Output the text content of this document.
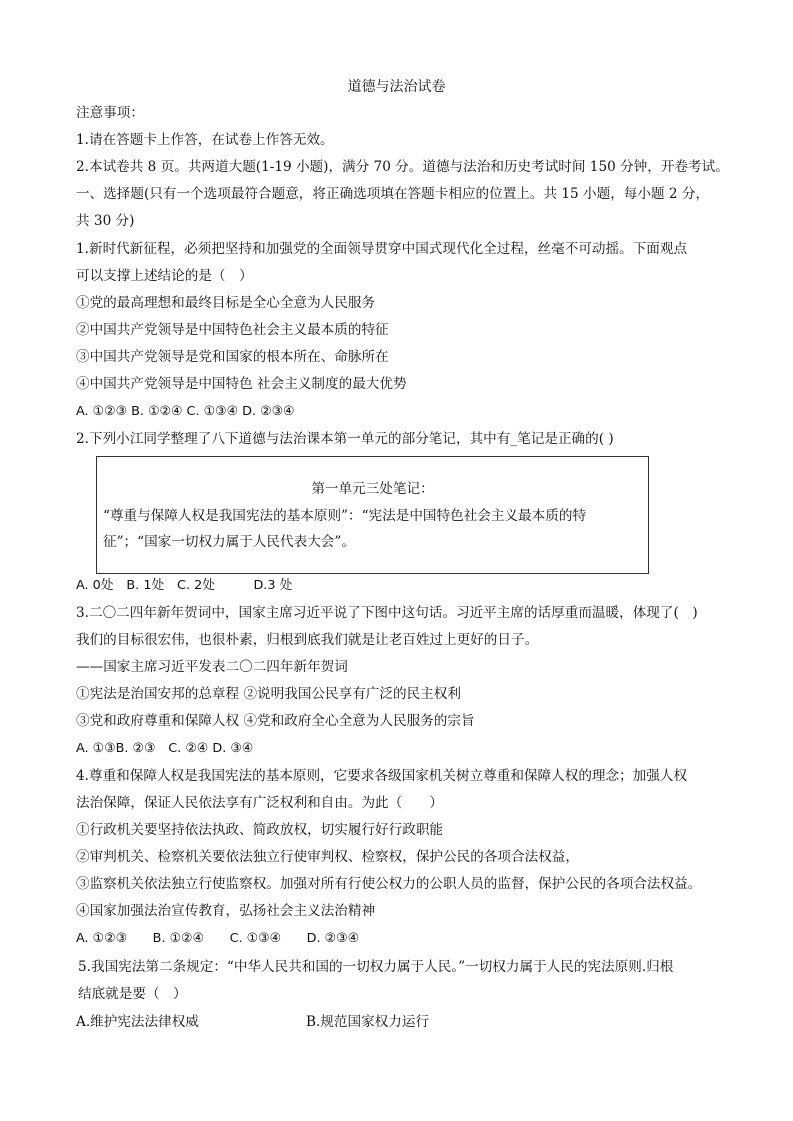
道德与法治试卷
注意事项：
1.请在答题卡上作答，在试卷上作答无效。
2.本试卷共 8 页。共两道大题(1-19 小题)，满分 70 分。道德与法治和历史考试时间 150 分钟，开卷考试。
一、选择题(只有一个选项最符合题意，将正确选项填在答题卡相应的位置上。共 15 小题，每小题 2 分，
共 30 分)
1.新时代新征程，必须把坚持和加强党的全面领导贯穿中国式现代化全过程，丝毫不可动摇。下面观点
可以支撑上述结论的是（　）
①党的最高理想和最终目标是全心全意为人民服务
②中国共产党领导是中国特色社会主义最本质的特征
③中国共产党领导是党和国家的根本所在、命脉所在
④中国共产党领导是中国特色 社会主义制度的最大优势
A. ①②③ B. ①②④ C. ①③④ D. ②③④
2.下列小江同学整理了八下道德与法治课本第一单元的部分笔记，其中有_笔记是正确的( )
第一单元三处笔记：
“尊重与保障人权是我国宪法的基本原则”：“宪法是中国特色社会主义最本质的特
征”；“国家一切权力属于人民代表大会”。
A. 0处　B. 1处　C. 2处　　　D.3 处
3.二〇二四年新年贺词中，国家主席习近平说了下图中这句话。习近平主席的话厚重而温暖，体现了(　)
我们的目标很宏伟，也很朴素，归根到底我们就是让老百姓过上更好的日子。
——国家主席习近平发表二〇二四年新年贺词
①宪法是治国安邦的总章程 ②说明我国公民享有广泛的民主权利
③党和政府尊重和保障人权 ④党和政府全心全意为人民服务的宗旨
A. ①③B. ②③　C. ②④ D. ③④
4.尊重和保障人权是我国宪法的基本原则，它要求各级国家机关树立尊重和保障人权的理念；加强人权
法治保障，保证人民依法享有广泛权利和自由。为此（　　）
①行政机关要坚持依法执政、简政放权，切实履行好行政职能
②审判机关、检察机关要依法独立行使审判权、检察权，保护公民的各项合法权益，
③监察机关依法独立行使监察权。加强对所有行使公权力的公职人员的监督，保护公民的各项合法权益。
④国家加强法治宣传教育，弘扬社会主义法治精神
A. ①②③　　B. ①②④　　C. ①③④　　D. ②③④
5.我国宪法第二条规定：“中华人民共和国的一切权力属于人民。”一切权力属于人民的宪法原则.归根
结底就是要（　）
A.维护宪法法律权威	B.规范国家权力运行
